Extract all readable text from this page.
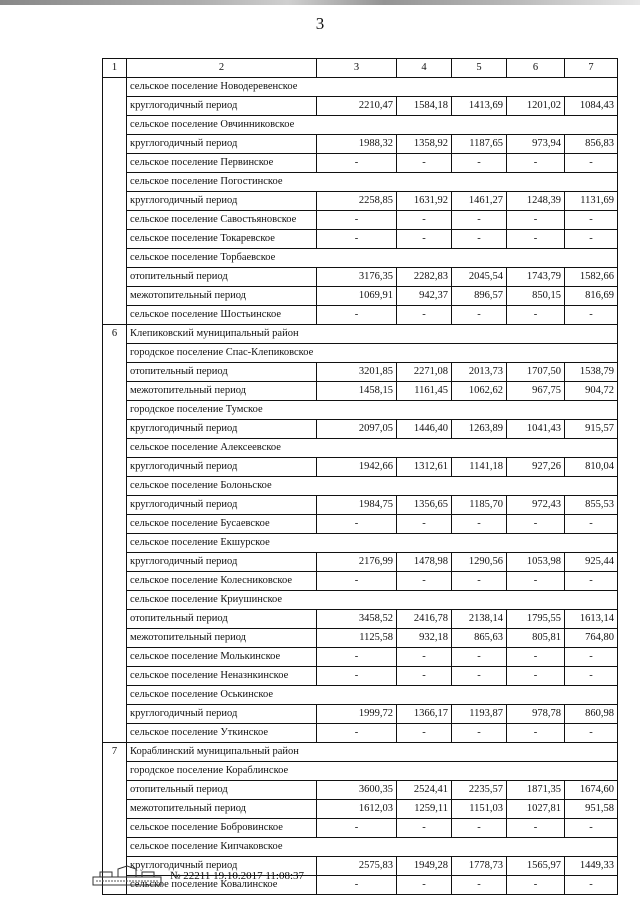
3
1	2	3	4	5	6	7
	сельское поселение Новодеревенское					
	круглогодичный период	2210,47	1584,18	1413,69	1201,02	1084,43
	сельское поселение Овчинниковское					
	круглогодичный период	1988,32	1358,92	1187,65	973,94	856,83
	сельское поселение Первинское	-	-	-	-	-
	сельское поселение Погостинское					
	круглогодичный период	2258,85	1631,92	1461,27	1248,39	1131,69
	сельское поселение Савостьяновское	-	-	-	-	-
	сельское поселение Токаревское	-	-	-	-	-
	сельское поселение Торбаевское					
	отопительный период	3176,35	2282,83	2045,54	1743,79	1582,66
	межотопительный период	1069,91	942,37	896,57	850,15	816,69
	сельское поселение Шостьинское	-	-	-	-	-
6	Клепиковский муниципальный район					
	городское поселение Спас-Клепиковское					
	отопительный период	3201,85	2271,08	2013,73	1707,50	1538,79
	межотопительный период	1458,15	1161,45	1062,62	967,75	904,72
	городское поселение Тумское					
	круглогодичный период	2097,05	1446,40	1263,89	1041,43	915,57
	сельское поселение Алексеевское					
	круглогодичный период	1942,66	1312,61	1141,18	927,26	810,04
	сельское поселение Болоньское					
	круглогодичный период	1984,75	1356,65	1185,70	972,43	855,53
	сельское поселение Бусаевское	-	-	-	-	-
	сельское поселение Екшурское					
	круглогодичный период	2176,99	1478,98	1290,56	1053,98	925,44
	сельское поселение Колесниковское	-	-	-	-	-
	сельское поселение Криушинское					
	отопительный период	3458,52	2416,78	2138,14	1795,55	1613,14
	межотопительный период	1125,58	932,18	865,63	805,81	764,80
	сельское поселение Молькинское	-	-	-	-	-
	сельское поселение Неназнкинское	-	-	-	-	-
	сельское поселение Оськинское					
	круглогодичный период	1999,72	1366,17	1193,87	978,78	860,98
	сельское поселение Уткинское	-	-	-	-	-
7	Кораблинский муниципальный район					
	городское поселение Кораблинское					
	отопительный период	3600,35	2524,41	2235,57	1871,35	1674,60
	межотопительный период	1612,03	1259,11	1151,03	1027,81	951,58
	сельское поселение Бобровинское	-	-	-	-	-
	сельское поселение Кипчаковское					
	круглогодичный период	2575,83	1949,28	1778,73	1565,97	1449,33
	сельское поселение Ковалинское	-	-	-	-	-
№ 22211 19.10.2017 11:08:37
